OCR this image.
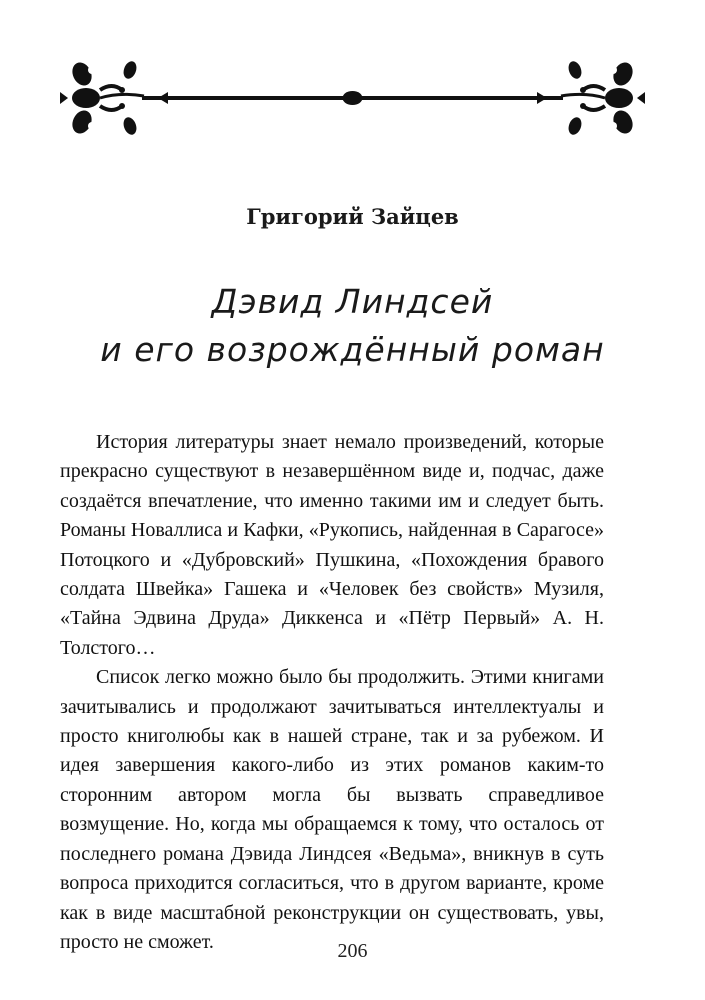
Григорий Зайцев
Дэвид Линдсей
и его возрождённый роман

История литературы знает немало произведений, которые прекрасно существуют в незавершённом виде и, подчас, даже создаётся впечатление, что именно такими им и следует быть. Романы Новаллиса и Кафки, «Рукопись, найденная в Сарагосе» Потоцкого и «Дубровский» Пушкина, «Похождения бравого солдата Швейка» Гашека и «Человек без свойств» Музиля, «Тайна Эдвина Друда» Диккенса и «Пётр Первый» А. Н. Толстого…

Список легко можно было бы продолжить. Этими книгами зачитывались и продолжают зачитываться интеллектуалы и просто книголюбы как в нашей стране, так и за рубежом. И идея завершения какого-либо из этих романов каким-то сторонним автором могла бы вызвать справедливое возмущение. Но, когда мы обращаемся к тому, что осталось от последнего романа Дэвида Линдсея «Ведьма», вникнув в суть вопроса приходится согласиться, что в другом варианте, кроме как в виде масштабной реконструкции он существовать, увы, просто не сможет.	206
